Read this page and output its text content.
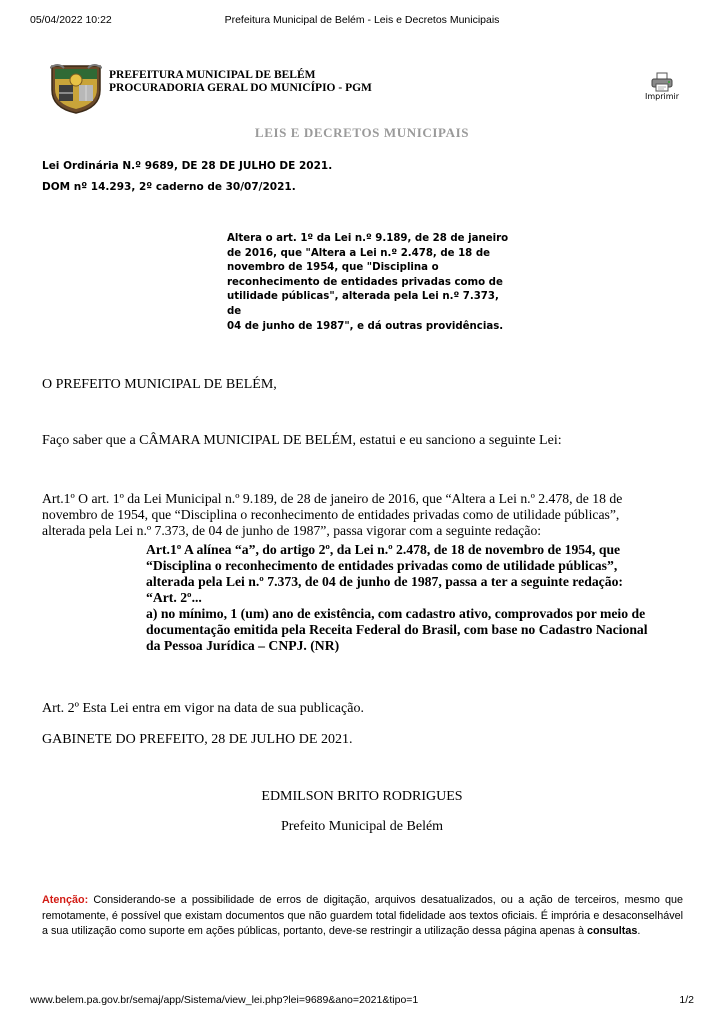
05/04/2022 10:22	Prefeitura Municipal de Belém - Leis e Decretos Municipais
PREFEITURA MUNICIPAL DE BELÉM
PROCURADORIA GERAL DO MUNICÍPIO - PGM
Imprimir
LEIS E DECRETOS MUNICIPAIS
Lei Ordinária N.º 9689, DE 28 DE JULHO DE 2021.
DOM nº 14.293, 2º caderno de 30/07/2021.
Altera o art. 1º da Lei n.º 9.189, de 28 de janeiro
de 2016, que "Altera a Lei n.º 2.478, de 18 de
novembro de 1954, que "Disciplina o
reconhecimento de entidades privadas como de
utilidade públicas", alterada pela Lei n.º 7.373, de
04 de junho de 1987", e dá outras providências.
O PREFEITO MUNICIPAL DE BELÉM,
Faço saber que a CÂMARA MUNICIPAL DE BELÉM, estatui e eu sanciono a seguinte Lei:
Art.1º O art. 1º da Lei Municipal n.º 9.189, de 28 de janeiro de 2016, que “Altera a Lei n.º 2.478, de 18 de
novembro de 1954, que “Disciplina o reconhecimento de entidades privadas como de utilidade públicas”,
alterada pela Lei n.º 7.373, de 04 de junho de 1987”, passa vigorar com a seguinte redação:
Art.1º A alínea “a”, do artigo 2º, da Lei n.º 2.478, de 18 de novembro de 1954, que
“Disciplina o reconhecimento de entidades privadas como de utilidade públicas”,
alterada pela Lei n.º 7.373, de 04 de junho de 1987, passa a ter a seguinte redação:
“Art. 2º...
a) no mínimo, 1 (um) ano de existência, com cadastro ativo, comprovados por meio de
documentação emitida pela Receita Federal do Brasil, com base no Cadastro Nacional
da Pessoa Jurídica – CNPJ. (NR)
Art. 2º Esta Lei entra em vigor na data de sua publicação.
GABINETE DO PREFEITO, 28 DE JULHO DE 2021.
EDMILSON BRITO RODRIGUES
Prefeito Municipal de Belém
Atenção: Considerando-se a possibilidade de erros de digitação, arquivos desatualizados, ou a ação de terceiros, mesmo que remotamente, é possível que existam documentos que não guardem total fidelidade aos textos oficiais. É imprória e desaconselhável a sua utilização como suporte em ações públicas, portanto, deve-se restringir a utilização dessa página apenas à consultas.
www.belem.pa.gov.br/semaj/app/Sistema/view_lei.php?lei=9689&ano=2021&tipo=1	1/2
